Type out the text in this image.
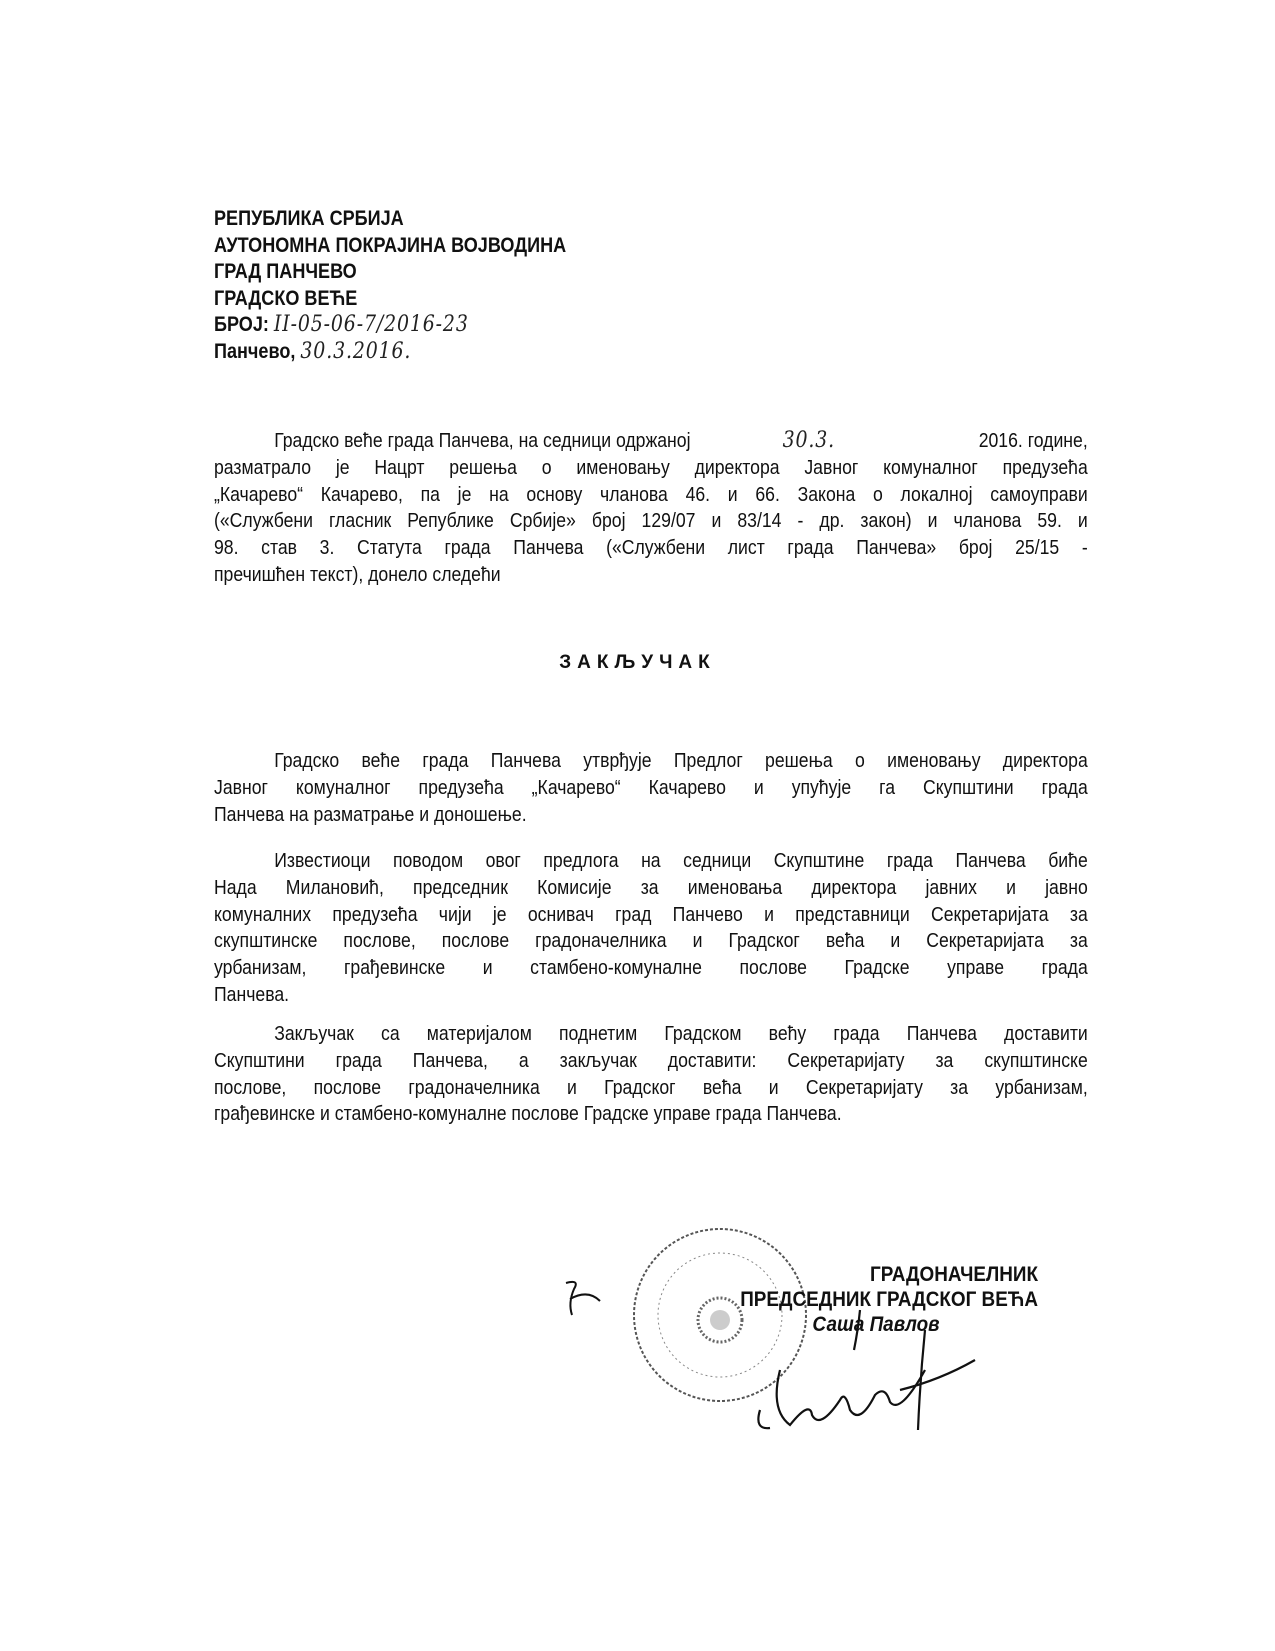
РЕПУБЛИКА СРБИЈА
АУТОНОМНА ПОКРАЈИНА ВОЈВОДИНА
ГРАД ПАНЧЕВО
ГРАДСКО ВЕЋЕ
БРОЈ: II-05-06-7/2016-23
Панчево, 30.3.2016.
Градско веће града Панчева, на седници одржаној	30.3.	2016. године,
разматрало је Нацрт решења о именовању директора Јавног комуналног предузећа
„Качарево“ Качарево, па је на основу чланова 46. и 66. Закона о локалној самоуправи
(«Службени гласник Републике Србије» број 129/07 и 83/14 - др. закон) и чланова 59. и
98. став 3. Статута града Панчева («Службени лист града Панчева» број 25/15 -
пречишћен текст), донело следећи
ЗАКЉУЧАК
Градско веће града Панчева утврђује Предлог решења о именовању директора
Јавног комуналног предузећа „Качарево“ Качарево и упућује га Скупштини града
Панчева на разматрање и доношење.
Известиоци поводом овог предлога на седници Скупштине града Панчева биће
Нада Милановић, председник Комисије за именовања директора јавних и јавно
комуналних предузећа чији је оснивач град Панчево и представници Секретаријата за
скупштинске послове, послове градоначелника и Градског већа и Секретаријата за
урбанизам, грађевинске и стамбено-комуналне послове Градске управе града
Панчева.
Закључак са материјалом поднетим Градском већу града Панчева доставити
Скупштини града Панчева, а закључак доставити: Секретаријату за скупштинске
послове, послове градоначелника и Градског већа и Секретаријату за урбанизам,
грађевинске и стамбено-комуналне послове Градске управе града Панчева.
ГРАДОНАЧЕЛНИК
ПРЕДСЕДНИК ГРАДСКОГ ВЕЋА
Саша Павлов
